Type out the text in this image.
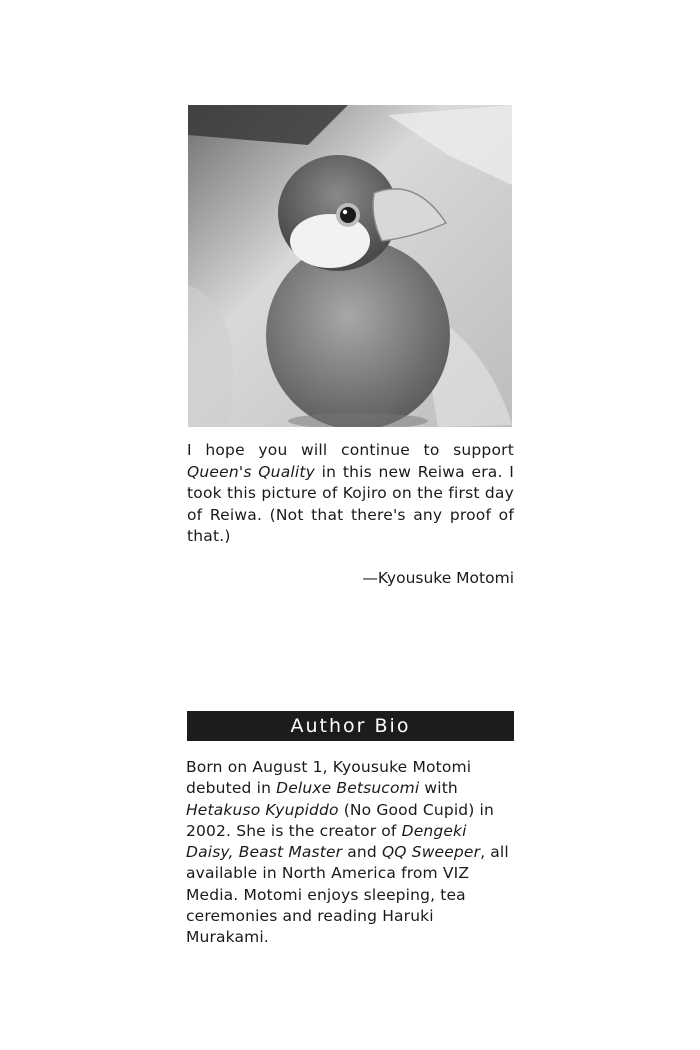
I hope you will continue to support Queen's Quality in this new Reiwa era. I took this picture of Kojiro on the first day of Reiwa. (Not that there's any proof of that.)
—Kyousuke Motomi
Author Bio
Born on August 1, Kyousuke Motomi debuted in Deluxe Betsucomi with Hetakuso Kyupiddo (No Good Cupid) in 2002. She is the creator of Dengeki Daisy, Beast Master and QQ Sweeper, all available in North America from VIZ Media. Motomi enjoys sleeping, tea ceremonies and reading Haruki Murakami.
